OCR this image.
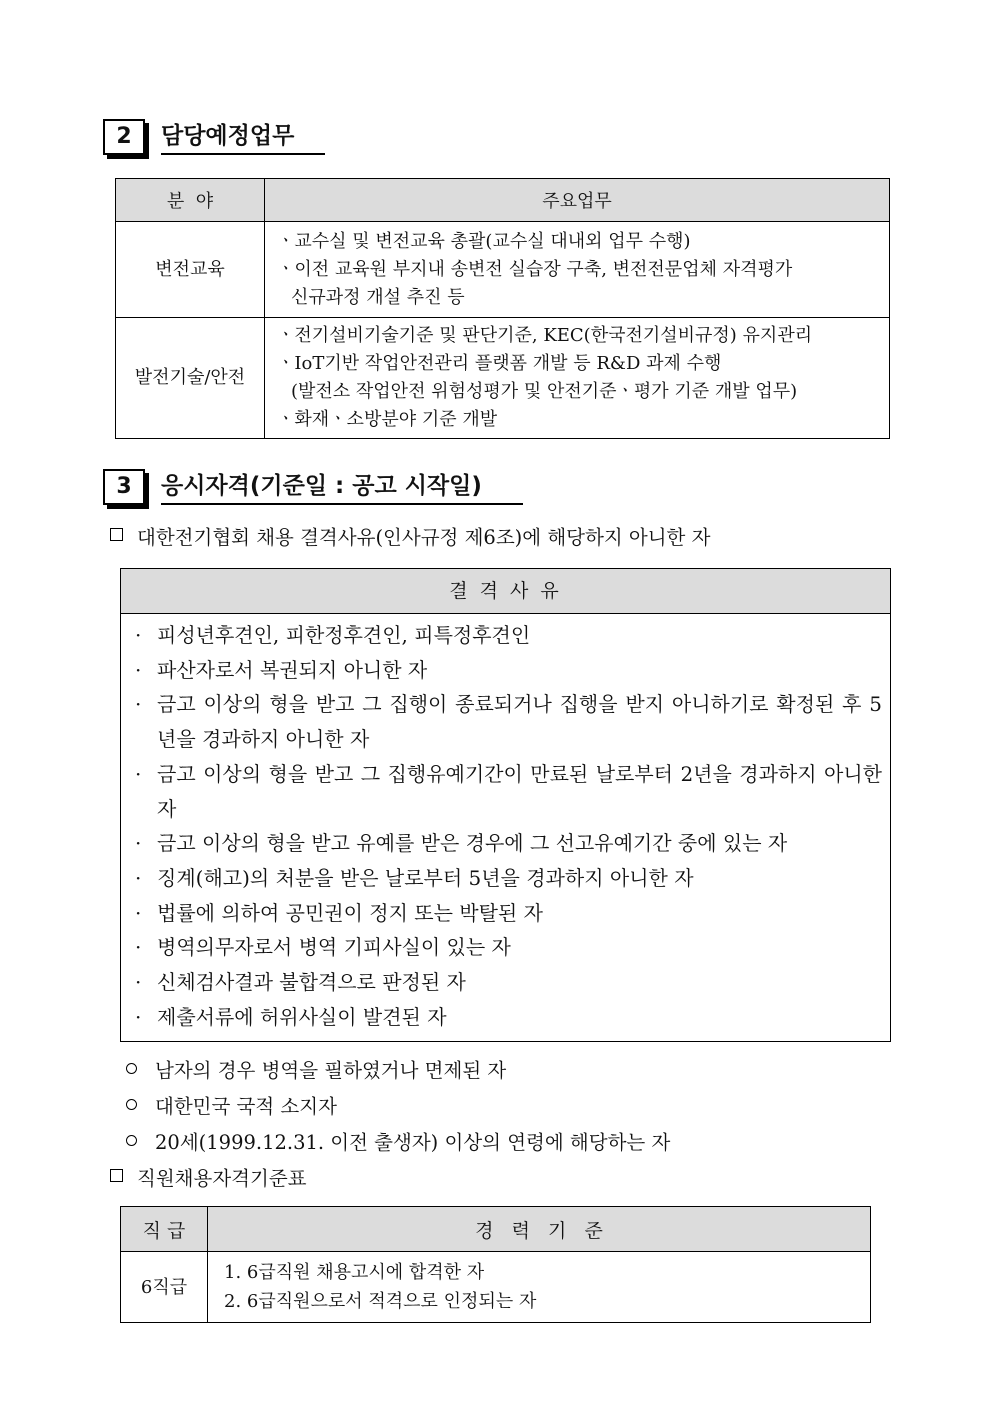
2	담당예정업무
분  야	주요업무
변전교육	ㆍ교수실 및 변전교육 총괄(교수실 대내외 업무 수행)
ㆍ이전 교육원 부지내 송변전 실습장 구축, 변전전문업체 자격평가
신규과정 개설 추진 등

발전기술/안전	ㆍ전기설비기술기준 및 판단기준, KEC(한국전기설비규정) 유지관리
ㆍIoT기반 작업안전관리 플랫폼 개발 등 R&D 과제 수행
(발전소 작업안전 위험성평가 및 안전기준ㆍ평가 기준 개발 업무)
ㆍ화재ㆍ소방분야 기준 개발
3	응시자격(기준일 : 공고 시작일)
대한전기협회 채용 결격사유(인사규정 제6조)에 해당하지 아니한 자
결 격 사 유
· 피성년후견인, 피한정후견인, 피특정후견인
· 파산자로서 복권되지 아니한 자
· 금고 이상의 형을 받고 그 집행이 종료되거나 집행을 받지 아니하기로 확정된 후 5년을 경과하지 아니한 자
· 금고 이상의 형을 받고 그 집행유예기간이 만료된 날로부터 2년을 경과하지 아니한 자
· 금고 이상의 형을 받고 유예를 받은 경우에 그 선고유예기간 중에 있는 자
· 징계(해고)의 처분을 받은 날로부터 5년을 경과하지 아니한 자
· 법률에 의하여 공민권이 정지 또는 박탈된 자
· 병역의무자로서 병역 기피사실이 있는 자
· 신체검사결과 불합격으로 판정된 자
· 제출서류에 허위사실이 발견된 자
남자의 경우 병역을 필하였거나 면제된 자
대한민국 국적 소지자
20세(1999.12.31. 이전 출생자) 이상의 연령에 해당하는 자
직원채용자격기준표
직 급	경   력   기   준
6직급	1. 6급직원 채용고시에 합격한 자
2. 6급직원으로서 적격으로 인정되는 자
